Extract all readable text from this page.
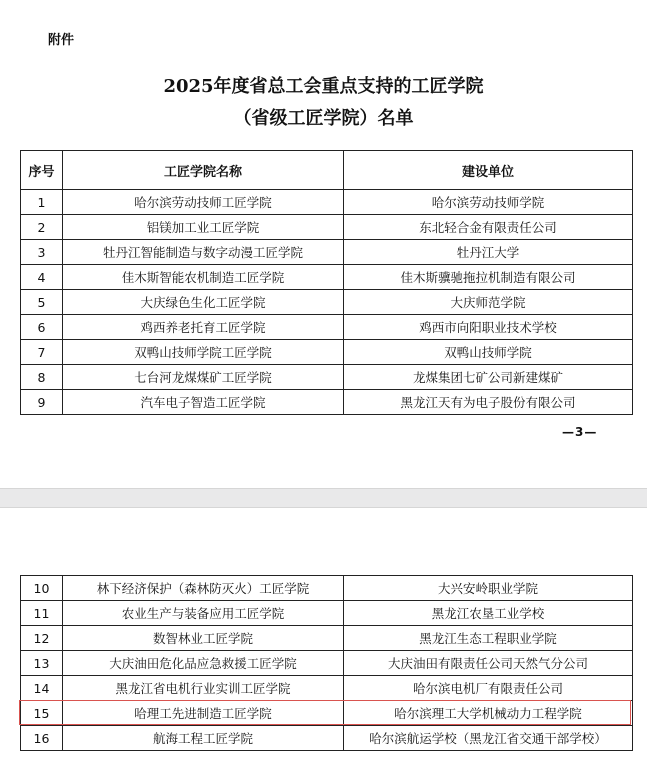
附件
2025年度省总工会重点支持的工匠学院
（省级工匠学院）名单
序号	工匠学院名称	建设单位
1	哈尔滨劳动技师工匠学院	哈尔滨劳动技师学院
2	铝镁加工业工匠学院	东北轻合金有限责任公司
3	牡丹江智能制造与数字动漫工匠学院	牡丹江大学
4	佳木斯智能农机制造工匠学院	佳木斯骥驰拖拉机制造有限公司
5	大庆绿色生化工匠学院	大庆师范学院
6	鸡西养老托育工匠学院	鸡西市向阳职业技术学校
7	双鸭山技师学院工匠学院	双鸭山技师学院
8	七台河龙煤煤矿工匠学院	龙煤集团七矿公司新建煤矿
9	汽车电子智造工匠学院	黑龙江天有为电子股份有限公司
—3—
10	林下经济保护（森林防灭火）工匠学院	大兴安岭职业学院
11	农业生产与装备应用工匠学院	黑龙江农垦工业学校
12	数智林业工匠学院	黑龙江生态工程职业学院
13	大庆油田危化品应急救援工匠学院	大庆油田有限责任公司天然气分公司
14	黑龙江省电机行业实训工匠学院	哈尔滨电机厂有限责任公司
15	哈理工先进制造工匠学院	哈尔滨理工大学机械动力工程学院
16	航海工程工匠学院	哈尔滨航运学校（黑龙江省交通干部学校）
